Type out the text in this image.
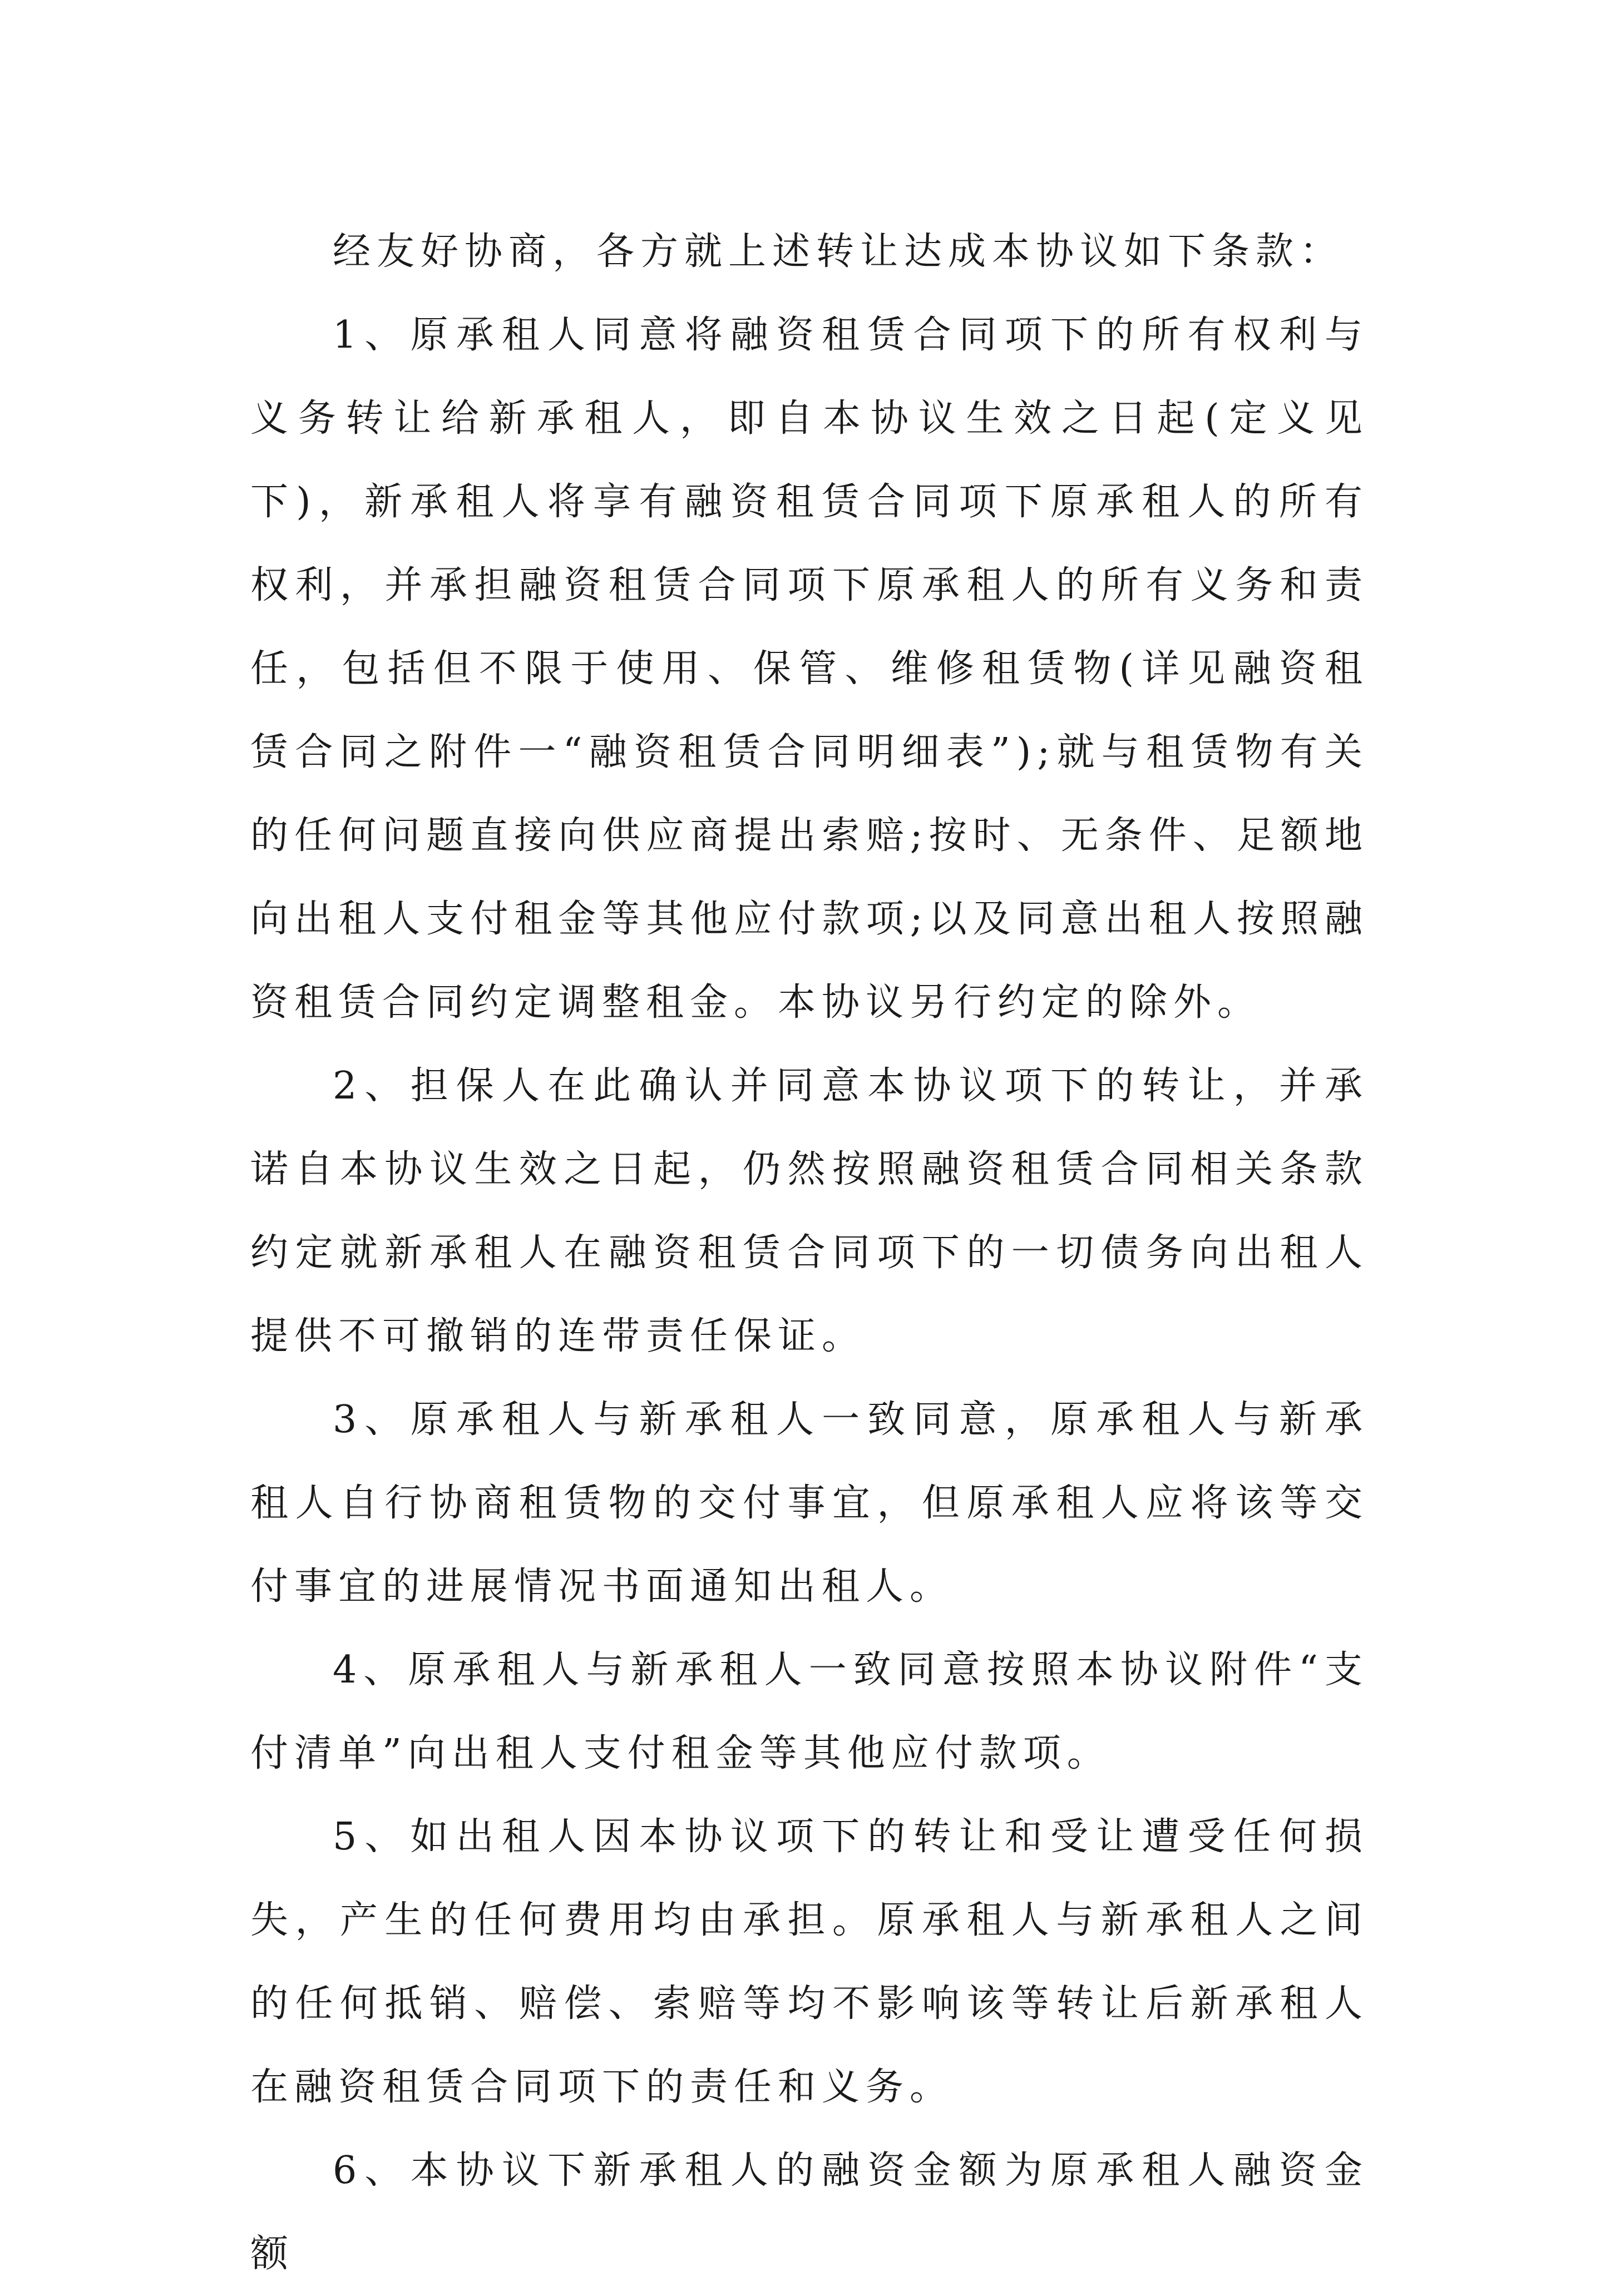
经友好协商，各方就上述转让达成本协议如下条款：

1、原承租人同意将融资租赁合同项下的所有权利与义务转让给新承租人，即自本协议生效之日起(定义见下)，新承租人将享有融资租赁合同项下原承租人的所有权利，并承担融资租赁合同项下原承租人的所有义务和责任，包括但不限于使用、保管、维修租赁物(详见融资租赁合同之附件一“融资租赁合同明细表”);就与租赁物有关的任何问题直接向供应商提出索赔;按时、无条件、足额地向出租人支付租金等其他应付款项;以及同意出租人按照融资租赁合同约定调整租金。本协议另行约定的除外。

2、担保人在此确认并同意本协议项下的转让，并承诺自本协议生效之日起，仍然按照融资租赁合同相关条款约定就新承租人在融资租赁合同项下的一切债务向出租人提供不可撤销的连带责任保证。

3、原承租人与新承租人一致同意，原承租人与新承租人自行协商租赁物的交付事宜，但原承租人应将该等交付事宜的进展情况书面通知出租人。

4、原承租人与新承租人一致同意按照本协议附件“支付清单”向出租人支付租金等其他应付款项。

5、如出租人因本协议项下的转让和受让遭受任何损失，产生的任何费用均由承担。原承租人与新承租人之间的任何抵销、赔偿、索赔等均不影响该等转让后新承租人在融资租赁合同项下的责任和义务。

6、本协议下新承租人的融资金额为原承租人融资金额
